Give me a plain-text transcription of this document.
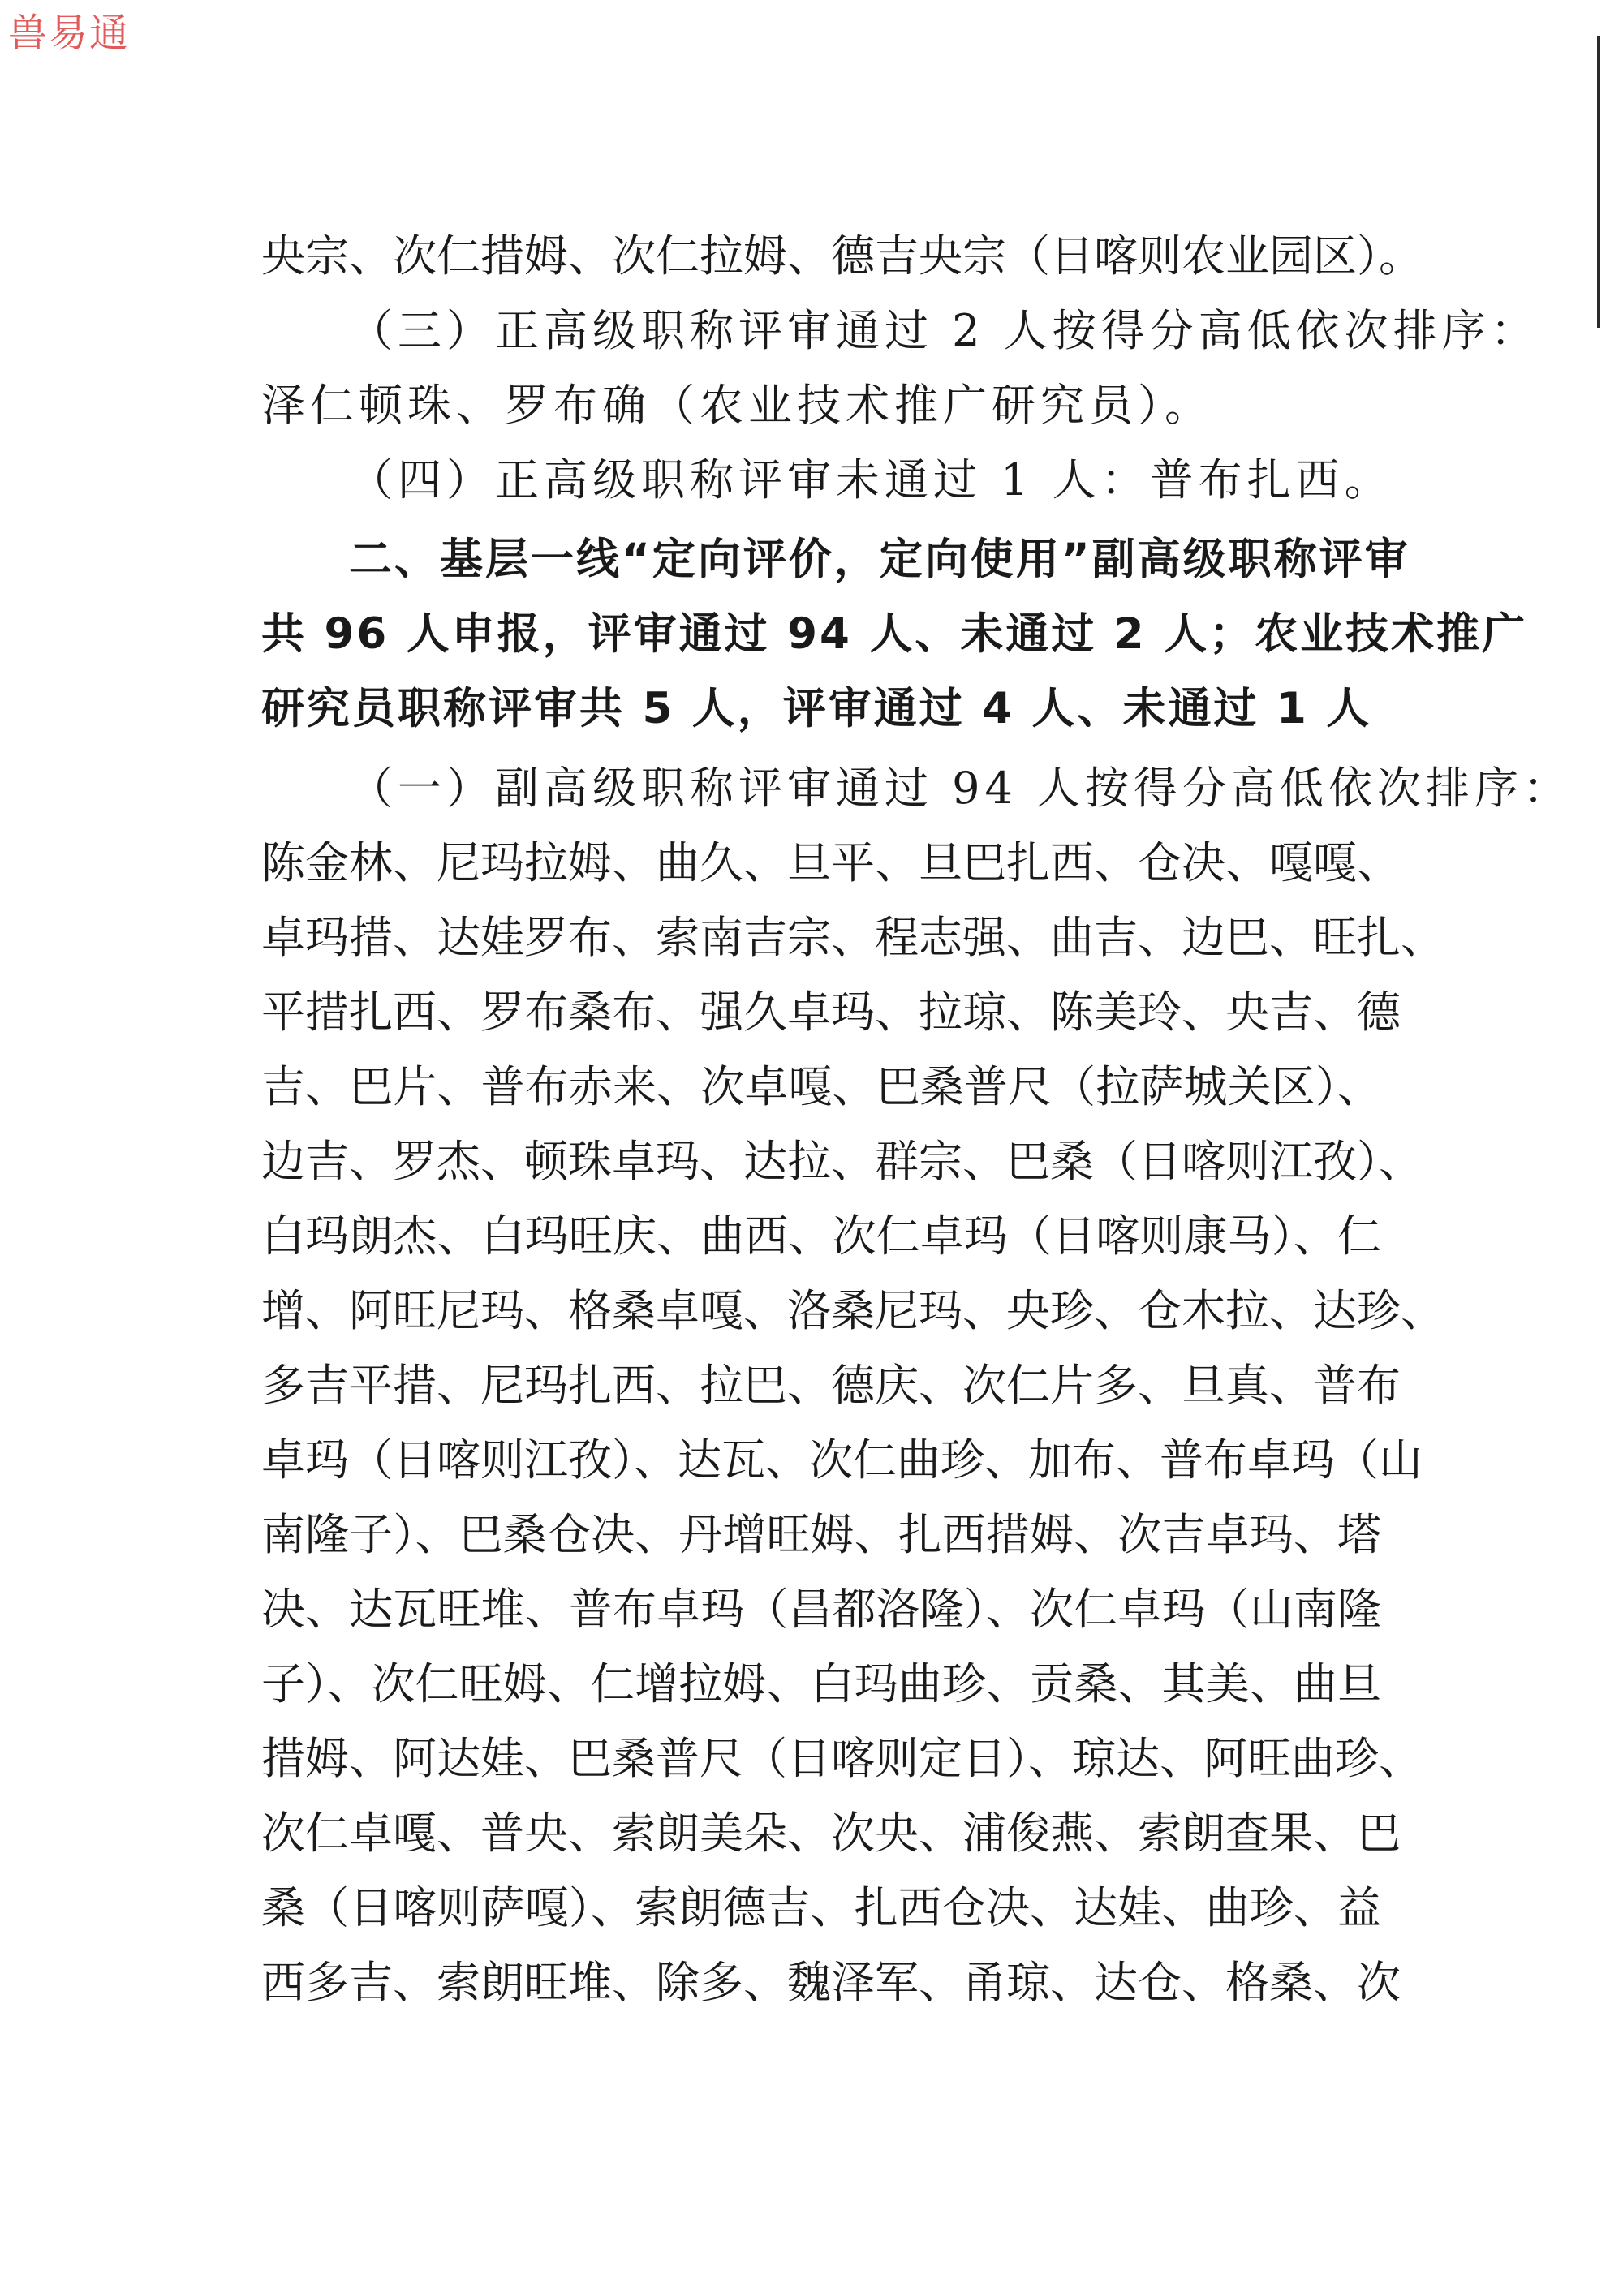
兽易通
央宗、次仁措姆、次仁拉姆、德吉央宗（日喀则农业园区）。
（三）正高级职称评审通过 2 人按得分高低依次排序：
泽仁顿珠、罗布确（农业技术推广研究员）。
（四）正高级职称评审未通过 1 人：普布扎西。
二、基层一线“定向评价，定向使用”副高级职称评审
共 96 人申报，评审通过 94 人、未通过 2 人；农业技术推广
研究员职称评审共 5 人，评审通过 4 人、未通过 1 人
（一）副高级职称评审通过 94 人按得分高低依次排序：
陈金林、尼玛拉姆、曲久、旦平、旦巴扎西、仓决、嘎嘎、
卓玛措、达娃罗布、索南吉宗、程志强、曲吉、边巴、旺扎、
平措扎西、罗布桑布、强久卓玛、拉琼、陈美玲、央吉、德
吉、巴片、普布赤来、次卓嘎、巴桑普尺（拉萨城关区）、
边吉、罗杰、顿珠卓玛、达拉、群宗、巴桑（日喀则江孜）、
白玛朗杰、白玛旺庆、曲西、次仁卓玛（日喀则康马）、仁
增、阿旺尼玛、格桑卓嘎、洛桑尼玛、央珍、仓木拉、达珍、
多吉平措、尼玛扎西、拉巴、德庆、次仁片多、旦真、普布
卓玛（日喀则江孜）、达瓦、次仁曲珍、加布、普布卓玛（山
南隆子）、巴桑仓决、丹增旺姆、扎西措姆、次吉卓玛、塔
决、达瓦旺堆、普布卓玛（昌都洛隆）、次仁卓玛（山南隆
子）、次仁旺姆、仁增拉姆、白玛曲珍、贡桑、其美、曲旦
措姆、阿达娃、巴桑普尺（日喀则定日）、琼达、阿旺曲珍、
次仁卓嘎、普央、索朗美朵、次央、浦俊燕、索朗查果、巴
桑（日喀则萨嘎）、索朗德吉、扎西仓决、达娃、曲珍、益
西多吉、索朗旺堆、除多、魏泽军、甬琼、达仓、格桑、次
